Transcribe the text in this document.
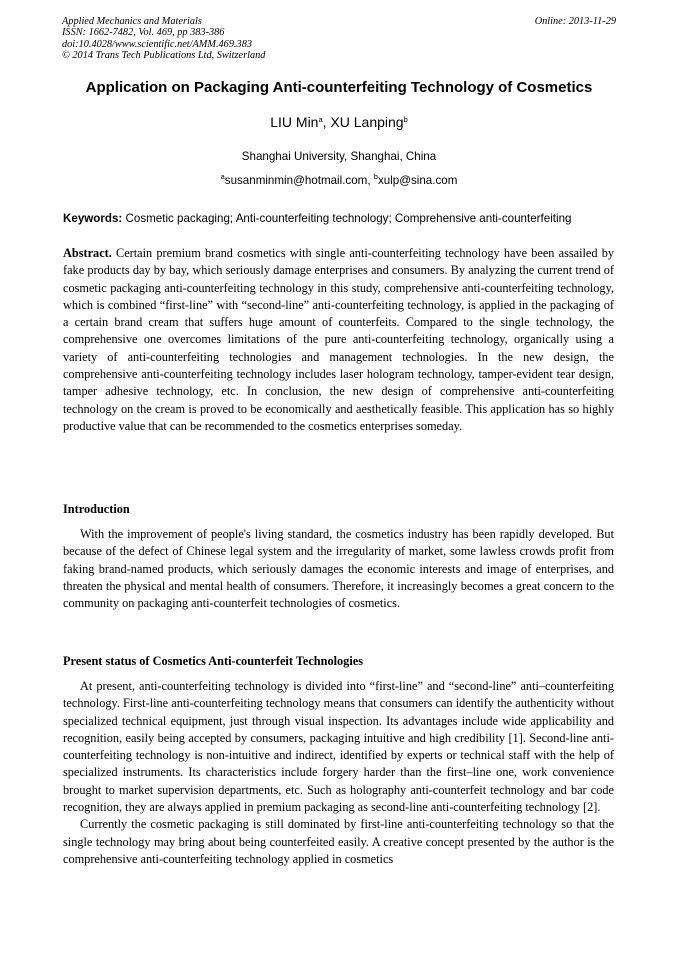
Applied Mechanics and Materials
ISSN: 1662-7482, Vol. 469, pp 383-386
doi:10.4028/www.scientific.net/AMM.469.383
© 2014 Trans Tech Publications Ltd, Switzerland
Online: 2013-11-29
Application on Packaging Anti-counterfeiting Technology of Cosmetics
LIU Min$^a$, XU Lanping$^b$
Shanghai University, Shanghai, China
$^a$susanminmin@hotmail.com, $^b$xulp@sina.com
Keywords: Cosmetic packaging; Anti-counterfeiting technology; Comprehensive anti-counterfeiting

Abstract. Certain premium brand cosmetics with single anti-counterfeiting technology have been assailed by fake products day by bay, which seriously damage enterprises and consumers. By analyzing the current trend of cosmetic packaging anti-counterfeiting technology in this study, comprehensive anti-counterfeiting technology, which is combined “first-line” with “second-line” anti-counterfeiting technology, is applied in the packaging of a certain brand cream that suffers huge amount of counterfeits. Compared to the single technology, the comprehensive one overcomes limitations of the pure anti-counterfeiting technology, organically using a variety of anti-counterfeiting technologies and management technologies. In the new design, the comprehensive anti-counterfeiting technology includes laser hologram technology, tamper-evident tear design, tamper adhesive technology, etc. In conclusion, the new design of comprehensive anti-counterfeiting technology on the cream is proved to be economically and aesthetically feasible. This application has so highly productive value that can be recommended to the cosmetics enterprises someday.

Introduction

With the improvement of people's living standard, the cosmetics industry has been rapidly developed. But because of the defect of Chinese legal system and the irregularity of market, some lawless crowds profit from faking brand-named products, which seriously damages the economic interests and image of enterprises, and threaten the physical and mental health of consumers. Therefore, it increasingly becomes a great concern to the community on packaging anti-counterfeit technologies of cosmetics.

Present status of Cosmetics Anti-counterfeit Technologies

At present, anti-counterfeiting technology is divided into “first-line” and “second-line” anti–counterfeiting technology. First-line anti-counterfeiting technology means that consumers can identify the authenticity without specialized technical equipment, just through visual inspection. Its advantages include wide applicability and recognition, easily being accepted by consumers, packaging intuitive and high credibility [1]. Second-line anti-counterfeiting technology is non-intuitive and indirect, identified by experts or technical staff with the help of specialized instruments. Its characteristics include forgery harder than the first–line one, work convenience brought to market supervision departments, etc. Such as holography anti-counterfeit technology and bar code recognition, they are always applied in premium packaging as second-line anti-counterfeiting technology [2].

Currently the cosmetic packaging is still dominated by first-line anti-counterfeiting technology so that the single technology may bring about being counterfeited easily. A creative concept presented by the author is the comprehensive anti-counterfeiting technology applied in cosmetics
